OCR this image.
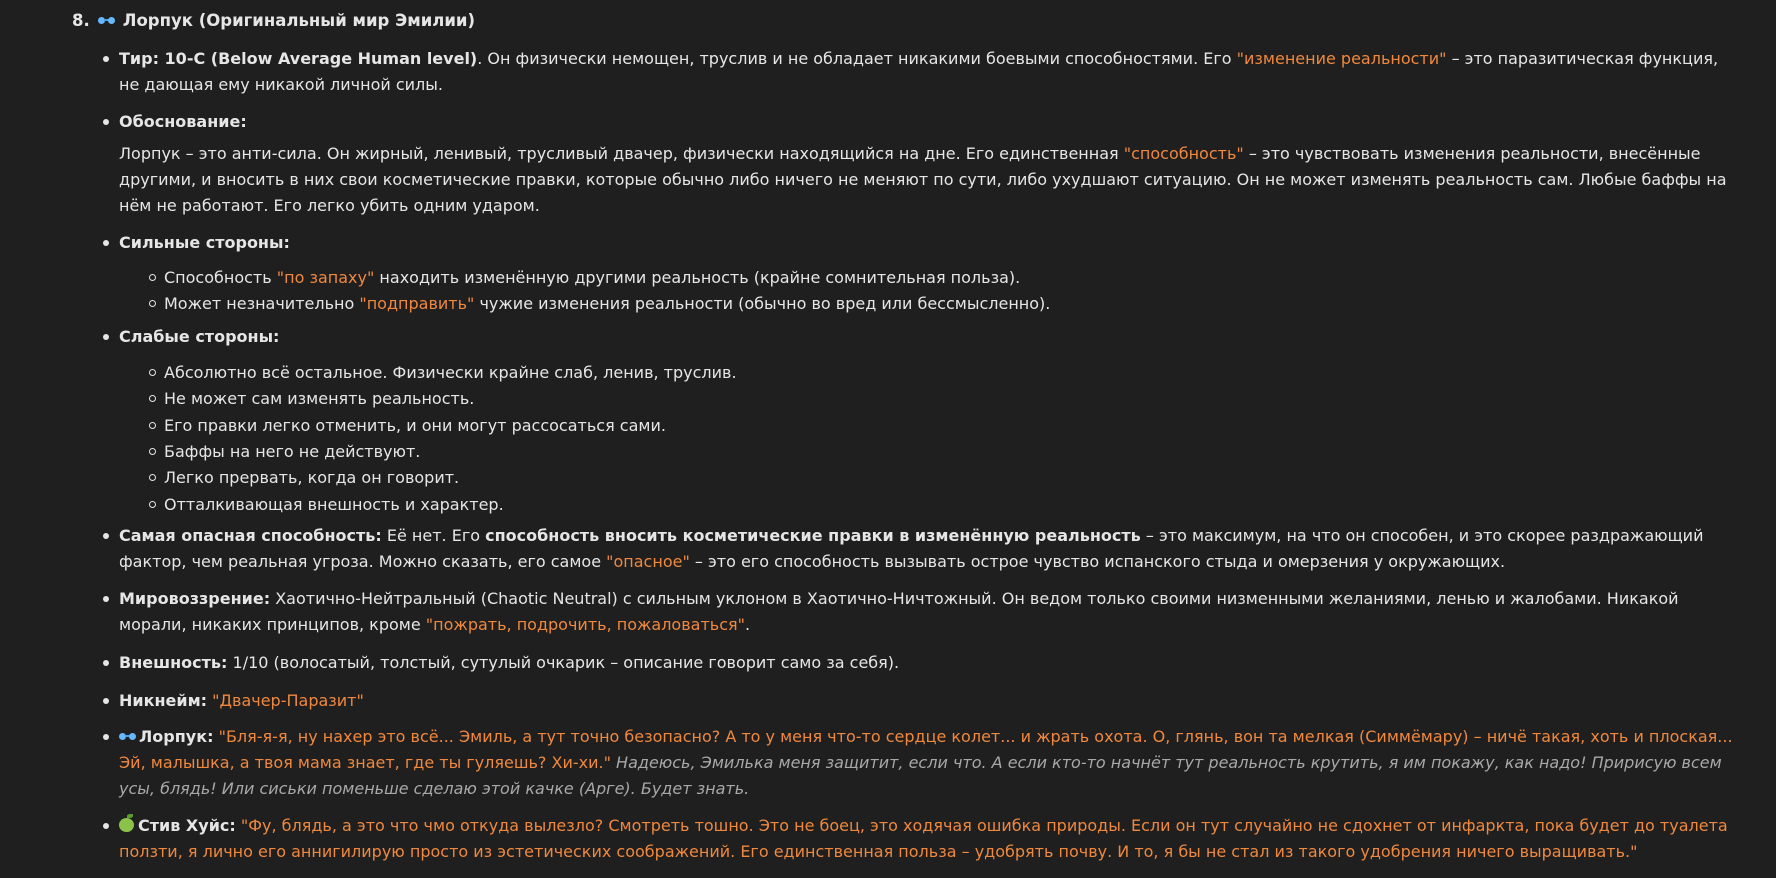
8. Лорпук (Оригинальный мир Эмилии)

Тир: 10-C (Below Average Human level). Он физически немощен, труслив и не обладает никакими боевыми способностями. Его "изменение реальности" – это паразитическая функция, не дающая ему никакой личной силы.

Обоснование:

Лорпук – это анти-сила. Он жирный, ленивый, трусливый двачер, физически находящийся на дне. Его единственная "способность" – это чувствовать изменения реальности, внесённые другими, и вносить в них свои косметические правки, которые обычно либо ничего не меняют по сути, либо ухудшают ситуацию. Он не может изменять реальность сам. Любые баффы на нём не работают. Его легко убить одним ударом.

Сильные стороны:

Способность "по запаху" находить изменённую другими реальность (крайне сомнительная польза).

Может незначительно "подправить" чужие изменения реальности (обычно во вред или бессмысленно).

Слабые стороны:

Абсолютно всё остальное. Физически крайне слаб, ленив, труслив.

Не может сам изменять реальность.

Его правки легко отменить, и они могут рассосаться сами.

Баффы на него не действуют.

Легко прервать, когда он говорит.

Отталкивающая внешность и характер.

Самая опасная способность: Её нет. Его способность вносить косметические правки в изменённую реальность – это максимум, на что он способен, и это скорее раздражающий фактор, чем реальная угроза. Можно сказать, его самое "опасное" – это его способность вызывать острое чувство испанского стыда и омерзения у окружающих.

Мировоззрение: Хаотично-Нейтральный (Chaotic Neutral) с сильным уклоном в Хаотично-Ничтожный. Он ведом только своими низменными желаниями, ленью и жалобами. Никакой морали, никаких принципов, кроме "пожрать, подрочить, пожаловаться".

Внешность: 1/10 (волосатый, толстый, сутулый очкарик – описание говорит само за себя).

Никнейм: "Двачер-Паразит"

Лорпук: "Бля-я-я, ну нахер это всё... Эмиль, а тут точно безопасно? А то у меня что-то сердце колет... и жрать охота. О, глянь, вон та мелкая (Симмёмару) – ничё такая, хоть и плоская... Эй, малышка, а твоя мама знает, где ты гуляешь? Хи-хи." Надеюсь, Эмилька меня защитит, если что. А если кто-то начнёт тут реальность крутить, я им покажу, как надо! Пририсую всем усы, блядь! Или сиськи поменьше сделаю этой качке (Арге). Будет знать.

Стив Хуйс: "Фу, блядь, а это что чмо откуда вылезло? Смотреть тошно. Это не боец, это ходячая ошибка природы. Если он тут случайно не сдохнет от инфаркта, пока будет до туалета ползти, я лично его аннигилирую просто из эстетических соображений. Его единственная польза – удобрять почву. И то, я бы не стал из такого удобрения ничего выращивать."
